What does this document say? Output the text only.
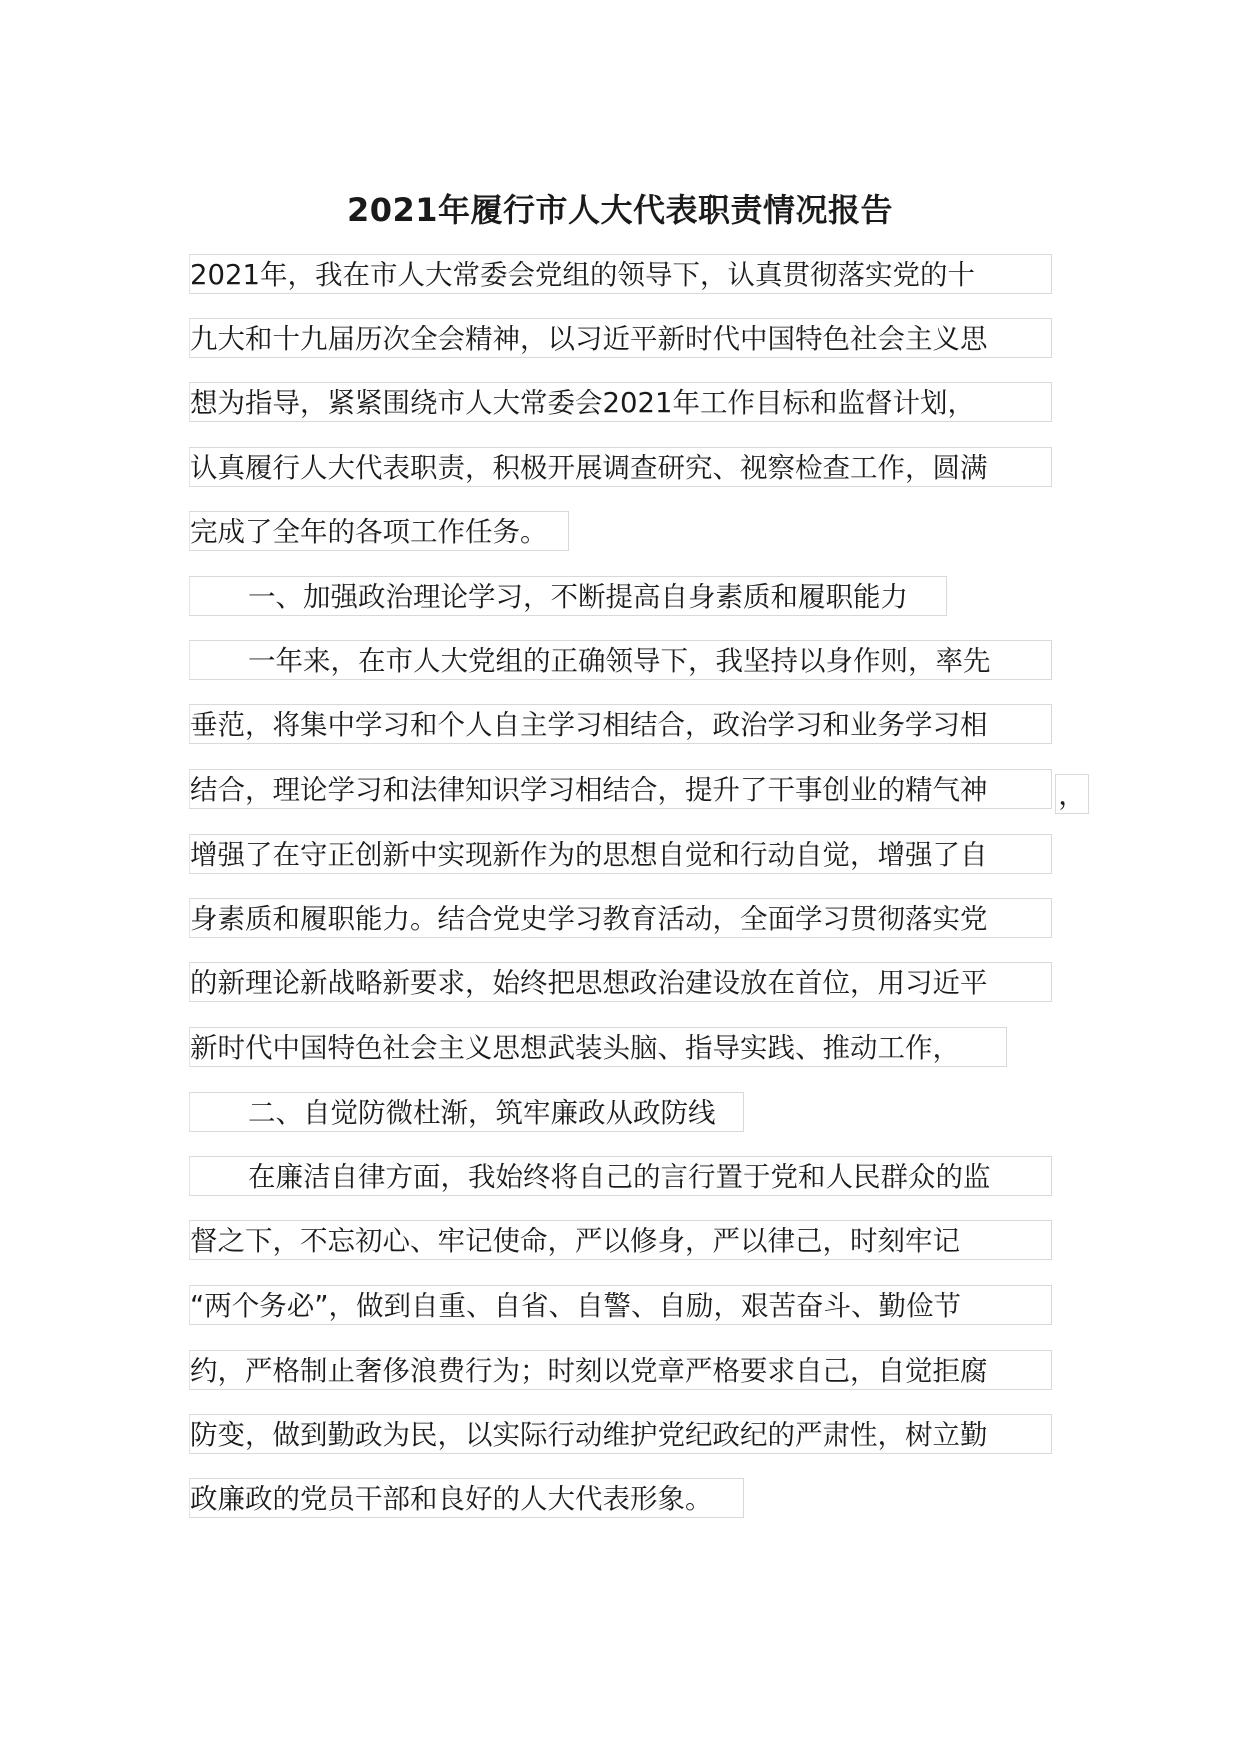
2021年履行市人大代表职责情况报告
2021年，我在市人大常委会党组的领导下，认真贯彻落实党的十
九大和十九届历次全会精神，以习近平新时代中国特色社会主义思
想为指导，紧紧围绕市人大常委会2021年工作目标和监督计划，
认真履行人大代表职责，积极开展调查研究、视察检查工作，圆满
完成了全年的各项工作任务。
一、加强政治理论学习，不断提高自身素质和履职能力
一年来，在市人大党组的正确领导下，我坚持以身作则，率先
垂范，将集中学习和个人自主学习相结合，政治学习和业务学习相
结合，理论学习和法律知识学习相结合，提升了干事创业的精气神	，
增强了在守正创新中实现新作为的思想自觉和行动自觉，增强了自
身素质和履职能力。结合党史学习教育活动，全面学习贯彻落实党
的新理论新战略新要求，始终把思想政治建设放在首位，用习近平
新时代中国特色社会主义思想武装头脑、指导实践、推动工作，
二、自觉防微杜渐，筑牢廉政从政防线
在廉洁自律方面，我始终将自己的言行置于党和人民群众的监
督之下，不忘初心、牢记使命，严以修身，严以律己，时刻牢记
“两个务必”，做到自重、自省、自警、自励，艰苦奋斗、勤俭节
约，严格制止奢侈浪费行为；时刻以党章严格要求自己，自觉拒腐
防变，做到勤政为民，以实际行动维护党纪政纪的严肃性，树立勤
政廉政的党员干部和良好的人大代表形象。
